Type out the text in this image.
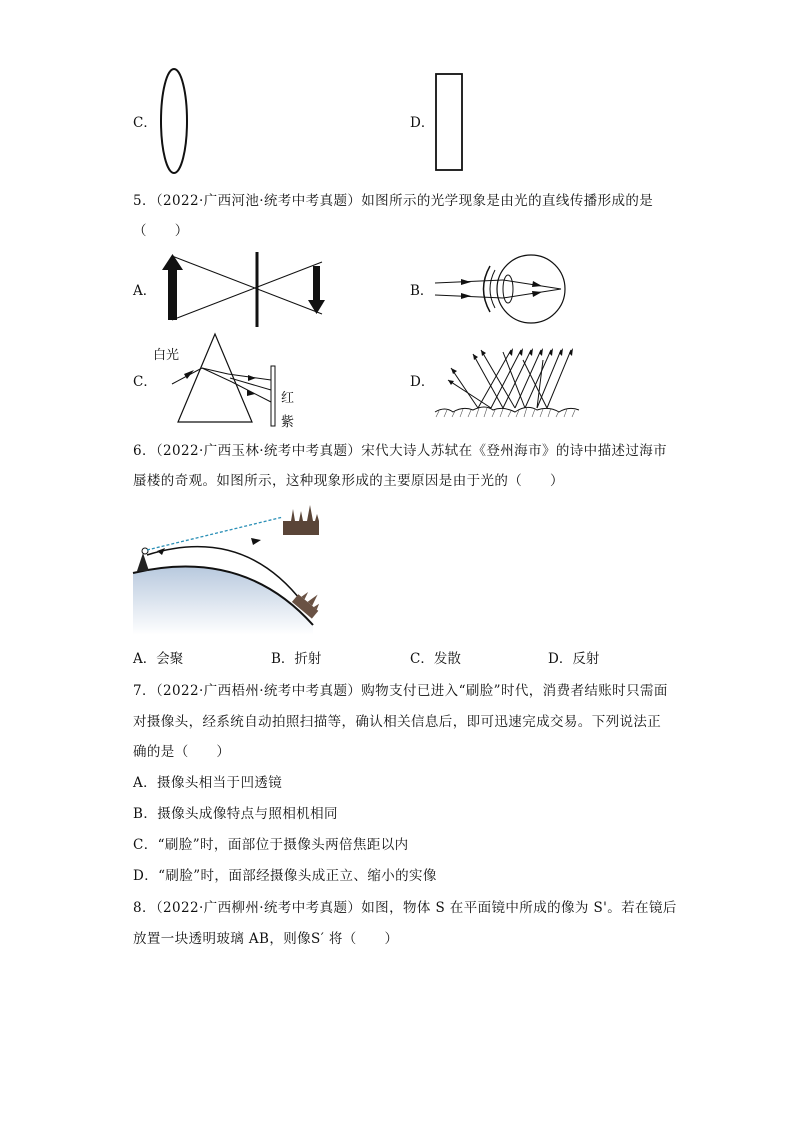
C．	D．
5．（2022·广西河池·统考中考真题）如图所示的光学现象是由光的直线传播形成的是
（　　）
A．	B．
C．
白光
红
紫
D．
6．（2022·广西玉林·统考中考真题）宋代大诗人苏轼在《登州海市》的诗中描述过海市
蜃楼的奇观。如图所示，这种现象形成的主要原因是由于光的（　　）
A．会聚	B．折射	C．发散	D．反射
7．（2022·广西梧州·统考中考真题）购物支付已进入“刷脸”时代，消费者结账时只需面
对摄像头，经系统自动拍照扫描等，确认相关信息后，即可迅速完成交易。下列说法正
确的是（　　）
A．摄像头相当于凹透镜
B．摄像头成像特点与照相机相同
C．“刷脸”时，面部位于摄像头两倍焦距以内
D．“刷脸”时，面部经摄像头成正立、缩小的实像
8．（2022·广西柳州·统考中考真题）如图，物体 S 在平面镜中所成的像为 S'。若在镜后
放置一块透明玻璃 AB，则像S′ 将（　　）
